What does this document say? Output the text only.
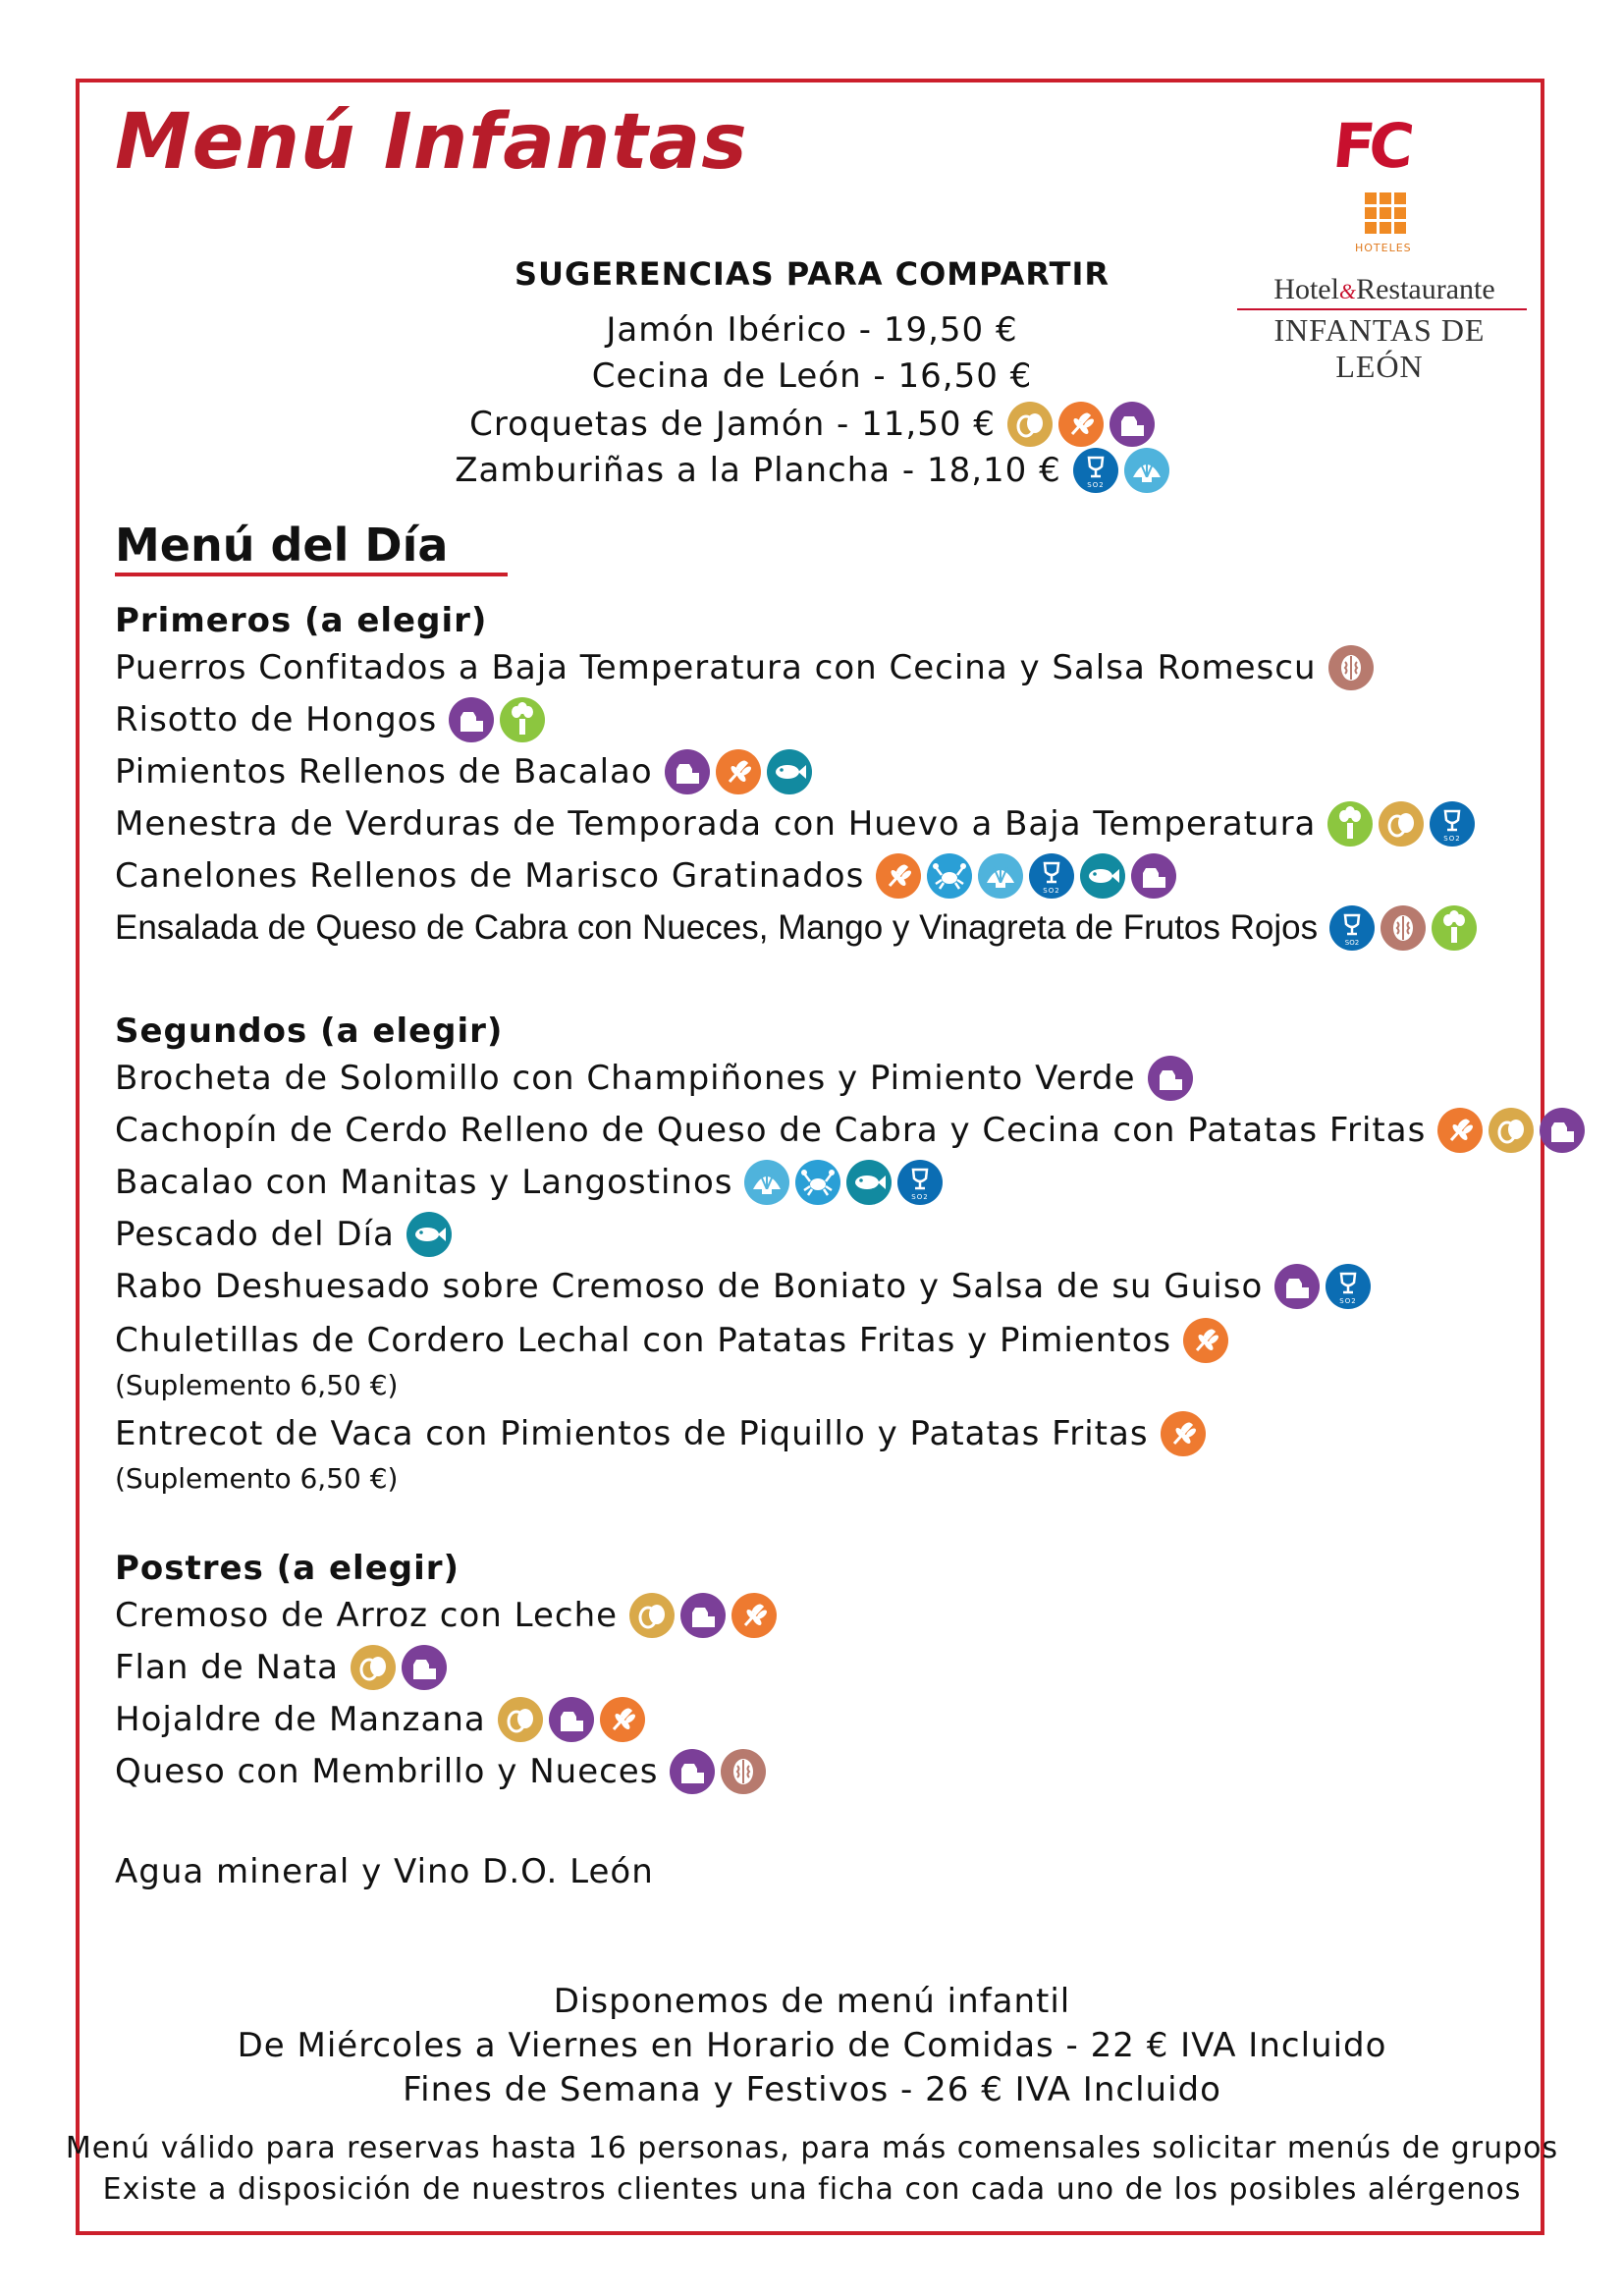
Menú Infantas	FC
HOTELES
Hotel&Restaurante
INFANTAS DE LEÓN
SUGERENCIAS PARA COMPARTIR
Jamón Ibérico - 19,50 €
Cecina de León - 16,50 €
Croquetas de Jamón - 11,50 €
Zamburiñas a la Plancha - 18,10 €	SO2
Menú del Día
Primeros (a elegir)
Puerros Confitados a Baja Temperatura con Cecina y Salsa Romescu
Risotto de Hongos
Pimientos Rellenos de Bacalao
Menestra de Verduras de Temporada con Huevo a Baja Temperatura	SO2
Canelones Rellenos de Marisco Gratinados	SO2
Ensalada de Queso de Cabra con Nueces, Mango y Vinagreta de Frutos Rojos	SO2
Segundos (a elegir)
Brocheta de Solomillo con Champiñones y Pimiento Verde
Cachopín de Cerdo Relleno de Queso de Cabra y Cecina con Patatas Fritas
Bacalao con Manitas y Langostinos	SO2
Pescado del Día
Rabo Deshuesado sobre Cremoso de Boniato y Salsa de su Guiso	SO2
Chuletillas de Cordero Lechal con Patatas Fritas y Pimientos
(Suplemento 6,50 €)
Entrecot de Vaca con Pimientos de Piquillo y Patatas Fritas
(Suplemento 6,50 €)
Postres (a elegir)
Cremoso de Arroz con Leche
Flan de Nata
Hojaldre de Manzana
Queso con Membrillo y Nueces
Agua mineral y Vino D.O. León
Disponemos de menú infantil
De Miércoles a Viernes en Horario de Comidas - 22 € IVA Incluido
Fines de Semana y Festivos - 26 € IVA Incluido
Menú válido para reservas hasta 16 personas, para más comensales solicitar menús de grupos
Existe a disposición de nuestros clientes una ficha con cada uno de los posibles alérgenos
